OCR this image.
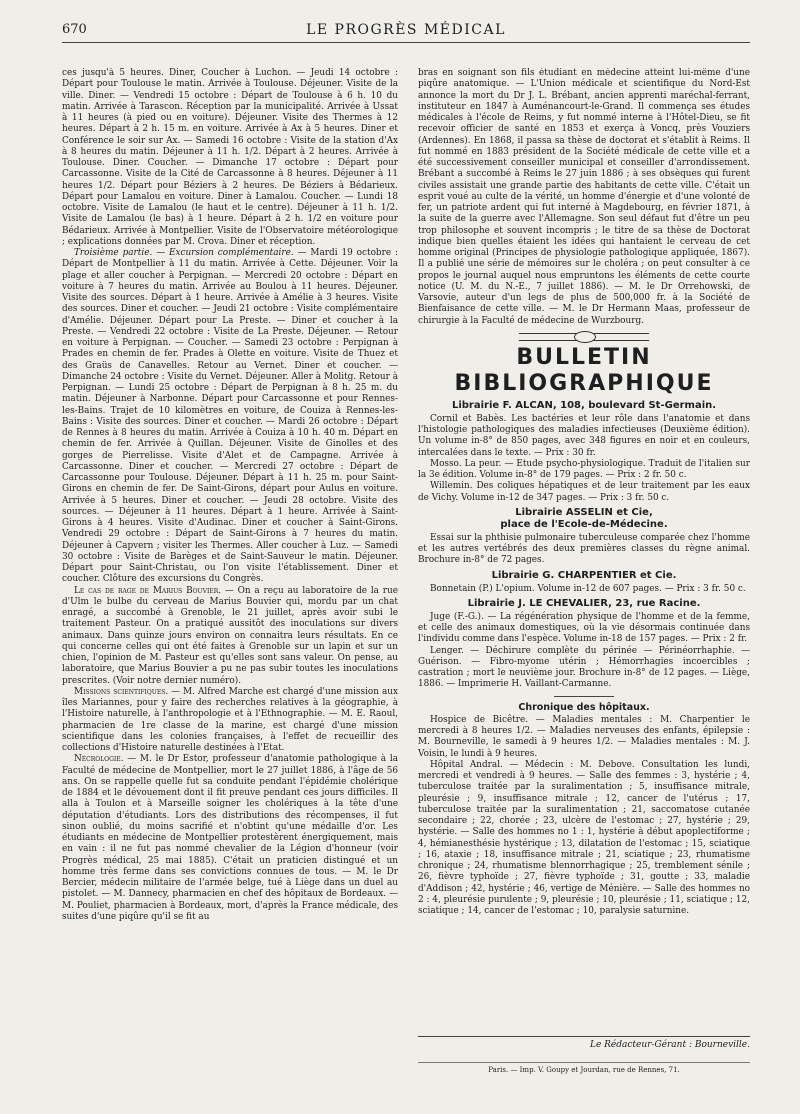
670	LE PROGRÈS MÉDICAL

ces jusqu'à 5 heures. Diner, Coucher à Luchon. — Jeudi 14 octobre : Départ pour Toulouse le matin. Arrivée à Toulouse. Déjeuner. Visite de la ville. Diner. — Vendredi 15 octobre : Départ de Toulouse à 6 h. 10 du matin. Arrivée à Tarascon. Réception par la municipalité. Arrivée à Ussat à 11 heures (à pied ou en voiture). Déjeuner. Visite des Thermes à 12 heures. Départ à 2 h. 15 m. en voiture. Arrivée à Ax à 5 heures. Diner et Conférence le soir sur Ax. — Samedi 16 octobre : Visite de la station d'Ax à 8 heures du matin. Déjeuner à 11 h. 1/2. Départ à 2 heures. Arrivée à Toulouse. Diner. Coucher. — Dimanche 17 octobre : Départ pour Carcassonne. Visite de la Cité de Carcassonne à 8 heures. Déjeuner à 11 heures 1/2. Départ pour Béziers à 2 heures. De Béziers à Bédarieux. Départ pour Lamalou en voiture. Diner à Lamalou. Coucher. — Lundi 18 octobre. Visite de Lamalou (le haut et le centre). Déjeuner à 11 h. 1/2. Visite de Lamalou (le bas) à 1 heure. Départ à 2 h. 1/2 en voiture pour Bédarieux. Arrivée à Montpellier. Visite de l'Observatoire météorologique ; explications données par M. Crova. Diner et réception.

Troisième partie. — Excursion complémentaire. — Mardi 19 octobre : Départ de Montpellier à 11 du matin. Arrivée à Cette. Déjeuner. Voir la plage et aller coucher à Perpignan. — Mercredi 20 octobre : Départ en voiture à 7 heures du matin. Arrivée au Boulou à 11 heures. Déjeuner. Visite des sources. Départ à 1 heure. Arrivée à Amélie à 3 heures. Visite des sources. Diner et coucher. — Jeudi 21 octobre : Visite complémentaire d'Amélie. Déjeuner. Départ pour La Preste. — Diner et coucher à la Preste. — Vendredi 22 octobre : Visite de La Preste. Déjeuner. — Retour en voiture à Perpignan. — Coucher. — Samedi 23 octobre : Perpignan à Prades en chemin de fer. Prades à Olette en voiture. Visite de Thuez et des Graüs de Canavelles. Retour au Vernet. Diner et coucher. — Dimanche 24 octobre : Visite du Vernet. Déjeuner. Aller à Molitg. Retour à Perpignan. — Lundi 25 octobre : Départ de Perpignan à 8 h. 25 m. du matin. Déjeuner à Narbonne. Départ pour Carcassonne et pour Rennes-les-Bains. Trajet de 10 kilomètres en voiture, de Couiza à Rennes-les-Bains : Visite des sources. Diner et coucher. — Mardi 26 octobre : Départ de Rennes à 8 heures du matin. Arrivée à Couiza à 10 h. 40 m. Départ en chemin de fer. Arrivée à Quillan. Déjeuner. Visite de Ginolles et des gorges de Pierrelisse. Visite d'Alet et de Campagne. Arrivée à Carcassonne. Diner et coucher. — Mercredi 27 octobre : Départ de Carcassonne pour Toulouse. Déjeuner. Départ à 11 h. 25 m. pour Saint-Girons en chemin de fer. De Saint-Girons, départ pour Aulus en voiture. Arrivée à 5 heures. Diner et coucher. — Jeudi 28 octobre. Visite des sources. — Déjeuner à 11 heures. Départ à 1 heure. Arrivée à Saint-Girons à 4 heures. Visite d'Audinac. Diner et coucher à Saint-Girons. Vendredi 29 octobre : Départ de Saint-Girons à 7 heures du matin. Déjeuner à Capvern ; visiter les Thermes. Aller coucher à Luz. — Samedi 30 octobre : Visite de Barèges et de Saint-Sauveur le matin. Déjeuner. Départ pour Saint-Christau, ou l'on visite l'établissement. Diner et coucher. Clôture des excursions du Congrès.

Le cas de rage de Marius Bouvier. — On a reçu au laboratoire de la rue d'Ulm le bulbe du cerveau de Marius Bouvier qui, mordu par un chat enragé, a succombé à Grenoble, le 21 juillet, après avoir subi le traitement Pasteur. On a pratiqué aussitôt des inoculations sur divers animaux. Dans quinze jours environ on connaitra leurs résultats. En ce qui concerne celles qui ont été faites à Grenoble sur un lapin et sur un chien, l'opinion de M. Pasteur est qu'elles sont sans valeur. On pense, au laboratoire, que Marius Bouvier a pu ne pas subir toutes les inoculations prescrites. (Voir notre dernier numéro).

Missions scientifiques. — M. Alfred Marche est chargé d'une mission aux îles Mariannes, pour y faire des recherches relatives à la géographie, à l'Histoire naturelle, à l'anthropologie et à l'Ethnographie. — M. E. Raoul, pharmacien de 1re classe de la marine, est chargé d'une mission scientifique dans les colonies françaises, à l'effet de recueillir des collections d'Histoire naturelle destinées à l'Etat.

Nécrologie. — M. le Dr Estor, professeur d'anatomie pathologique à la Faculté de médecine de Montpellier, mort le 27 juillet 1886, à l'âge de 56 ans. On se rappelle quelle fut sa conduite pendant l'épidémie cholérique de 1884 et le dévouement dont il fit preuve pendant ces jours difficiles. Il alla à Toulon et à Marseille soigner les cholériques à la tête d'une députation d'étudiants. Lors des distributions des récompenses, il fut sinon oublié, du moins sacrifié et n'obtint qu'une médaille d'or. Les étudiants en médecine de Montpellier protestèrent énergiquement, mais en vain : il ne fut pas nommé chevalier de la Légion d'honneur (voir Progrès médical, 25 mai 1885). C'était un praticien distingué et un homme très ferme dans ses convictions connues de tous. — M. le Dr Bercier, médecin militaire de l'armée belge, tué à Liège dans un duel au pistolet. — M. Dannecy, pharmacien en chef des hôpitaux de Bordeaux. — M. Pouliet, pharmacien à Bordeaux, mort, d'après la France médicale, des suites d'une piqûre qu'il se fit au

bras en soignant son fils étudiant en médecine atteint lui-même d'une piqûre anatomique. — L'Union médicale et scientifique du Nord-Est annonce la mort du Dr J. L. Brébant, ancien apprenti maréchal-ferrant, instituteur en 1847 à Auménancourt-le-Grand. Il commença ses études médicales à l'école de Reims, y fut nommé interne à l'Hôtel-Dieu, se fit recevoir officier de santé en 1853 et exerça à Voncq, près Vouziers (Ardennes). En 1868, il passa sa thèse de doctorat et s'établit à Reims. Il fut nommé en 1883 président de la Société médicale de cette ville et a été successivement conseiller municipal et conseiller d'arrondissement. Brébant a succombé à Reims le 27 juin 1886 ; à ses obsèques qui furent civiles assistait une grande partie des habitants de cette ville. C'était un esprit voué au culte de la vérité, un homme d'énergie et d'une volonté de fer, un patriote ardent qui fut interné à Magdebourg, en février 1871, à la suite de la guerre avec l'Allemagne. Son seul défaut fut d'être un peu trop philosophe et souvent incompris ; le titre de sa thèse de Doctorat indique bien quelles étaient les idées qui hantaient le cerveau de cet homme original (Principes de physiologie pathologique appliquée, 1867). Il a publié une série de mémoires sur le choléra ; on peut consulter à ce propos le journal auquel nous empruntons les éléments de cette courte notice (U. M. du N.-E., 7 juillet 1886). — M. le Dr Orrehowski, de Varsovie, auteur d'un legs de plus de 500,000 fr. à la Société de Bienfaisance de cette ville. — M. le Dr Hermann Maas, professeur de chirurgie à la Faculté de médecine de Wurzbourg.

BULLETIN BIBLIOGRAPHIQUE
Librairie F. ALCAN, 108, boulevard St-Germain.

Cornil et Babès. Les bactéries et leur rôle dans l'anatomie et dans l'histologie pathologiques des maladies infectieuses (Deuxième édition). Un volume in-8° de 850 pages, avec 348 figures en noir et en couleurs, intercalées dans le texte. — Prix : 30 fr.

Mosso. La peur. — Etude psycho-physiologique. Traduit de l'italien sur la 3e édition. Volume in-8° de 179 pages. — Prix : 2 fr. 50 c.

Willemin. Des coliques hépatiques et de leur traitement par les eaux de Vichy. Volume in-12 de 347 pages. — Prix : 3 fr. 50 c.

Librairie ASSELIN et Cie,
place de l'Ecole-de-Médecine.

Essai sur la phthisie pulmonaire tuberculeuse comparée chez l'homme et les autres vertébrés des deux premières classes du règne animal. Brochure in-8° de 72 pages.

Librairie G. CHARPENTIER et Cie.

Bonnetain (P.) L'opium. Volume in-12 de 607 pages. — Prix : 3 fr. 50 c.

Librairie J. LE CHEVALIER, 23, rue Racine.

Juge (F.-G.). — La régénération physique de l'homme et de la femme, et celle des animaux domestiques, où la vie désormais continuée dans l'individu comme dans l'espèce. Volume in-18 de 157 pages. — Prix : 2 fr.

Lenger. — Déchirure complète du périnée — Périnéorrhaphie. — Guérison. — Fibro-myome utérin ; Hémorrhagies incoercibles ; castration ; mort le neuvième jour. Brochure in-8° de 12 pages. — Liège, 1886. — Imprimerie H. Vaillant-Carmanne.

Chronique des hôpitaux.

Hospice de Bicêtre. — Maladies mentales : M. Charpentier le mercredi à 8 heures 1/2. — Maladies nerveuses des enfants, épilepsie : M. Bourneville, le samedi à 9 heures 1/2. — Maladies mentales : M. J. Voisin, le lundi à 9 heures.

Hôpital Andral. — Médecin : M. Debove. Consultation les lundi, mercredi et vendredi à 9 heures. — Salle des femmes : 3, hystérie ; 4, tuberculose traitée par la suralimentation ; 5, insuffisance mitrale, pleurésie ; 9, insuffisance mitrale ; 12, cancer de l'utérus ; 17, tuberculose traitée par la suralimentation ; 21, saccomatose cutanée secondaire ; 22, chorée ; 23, ulcère de l'estomac ; 27, hystérie ; 29, hystérie. — Salle des hommes no 1 : 1, hystérie à début apoplectiforme ; 4, hémianesthésie hystérique ; 13, dilatation de l'estomac ; 15, sciatique ; 16, ataxie ; 18, insuffisance mitrale ; 21, sciatique ; 23, rhumatisme chronique ; 24, rhumatisme blennorrhagique ; 25, tremblement sénile ; 26, fièvre typhoïde ; 27, fièvre typhoïde ; 31, goutte ; 33, maladie d'Addison ; 42, hystérie ; 46, vertige de Ménière. — Salle des hommes no 2 : 4, pleurésie purulente ; 9, pleurésie ; 10, pleurésie ; 11, sciatique ; 12, sciatique ; 14, cancer de l'estomac ; 10, paralysie saturnine.

Le Rédacteur-Gérant : Bourneville.
Paris. — Imp. V. Goupy et Jourdan, rue de Rennes, 71.
